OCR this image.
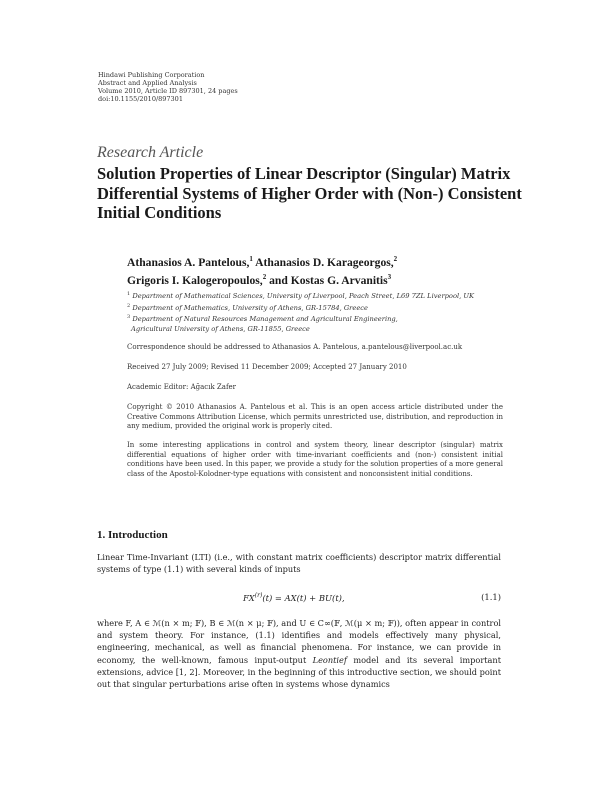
Hindawi Publishing Corporation
Abstract and Applied Analysis
Volume 2010, Article ID 897301, 24 pages
doi:10.1155/2010/897301
Research Article
Solution Properties of Linear Descriptor (Singular) Matrix Differential Systems of Higher Order with (Non-) Consistent Initial Conditions
Athanasios A. Pantelous,$^1$ Athanasios D. Karageorgos,$^2$
Grigoris I. Kalogeropoulos,$^2$ and Kostas G. Arvanitis$^3$
$^1$ Department of Mathematical Sciences, University of Liverpool, Peach Street, L69 7ZL Liverpool, UK
$^2$ Department of Mathematics, University of Athens, GR-15784, Greece
$^3$ Department of Natural Resources Management and Agricultural Engineering,
Agricultural University of Athens, GR-11855, Greece
Correspondence should be addressed to Athanasios A. Pantelous, a.pantelous@liverpool.ac.uk
Received 27 July 2009; Revised 11 December 2009; Accepted 27 January 2010
Academic Editor: Ağacık Zafer
Copyright © 2010 Athanasios A. Pantelous et al. This is an open access article distributed under the Creative Commons Attribution License, which permits unrestricted use, distribution, and reproduction in any medium, provided the original work is properly cited.
In some interesting applications in control and system theory, linear descriptor (singular) matrix differential equations of higher order with time-invariant coefficients and (non-) consistent initial conditions have been used. In this paper, we provide a study for the solution properties of a more general class of the Apostol-Kolodner-type equations with consistent and nonconsistent initial conditions.
1. Introduction
Linear Time-Invariant (LTI) (i.e., with constant matrix coefficients) descriptor matrix differential systems of type (1.1) with several kinds of inputs
$FX^{(r)}(t) = AX(t) + BU(t)$,	(1.1)
where F, A ∈ ℳ(n × m; 𝔽), B ∈ ℳ(n × μ; 𝔽), and U ∈ C∞(𝔽, ℳ(μ × m; 𝔽)), often appear in control and system theory. For instance, (1.1) identifies and models effectively many physical, engineering, mechanical, as well as financial phenomena. For instance, we can provide in economy, the well-known, famous input-output Leontief model and its several important extensions, advice [1, 2]. Moreover, in the beginning of this introductive section, we should point out that singular perturbations arise often in systems whose dynamics
